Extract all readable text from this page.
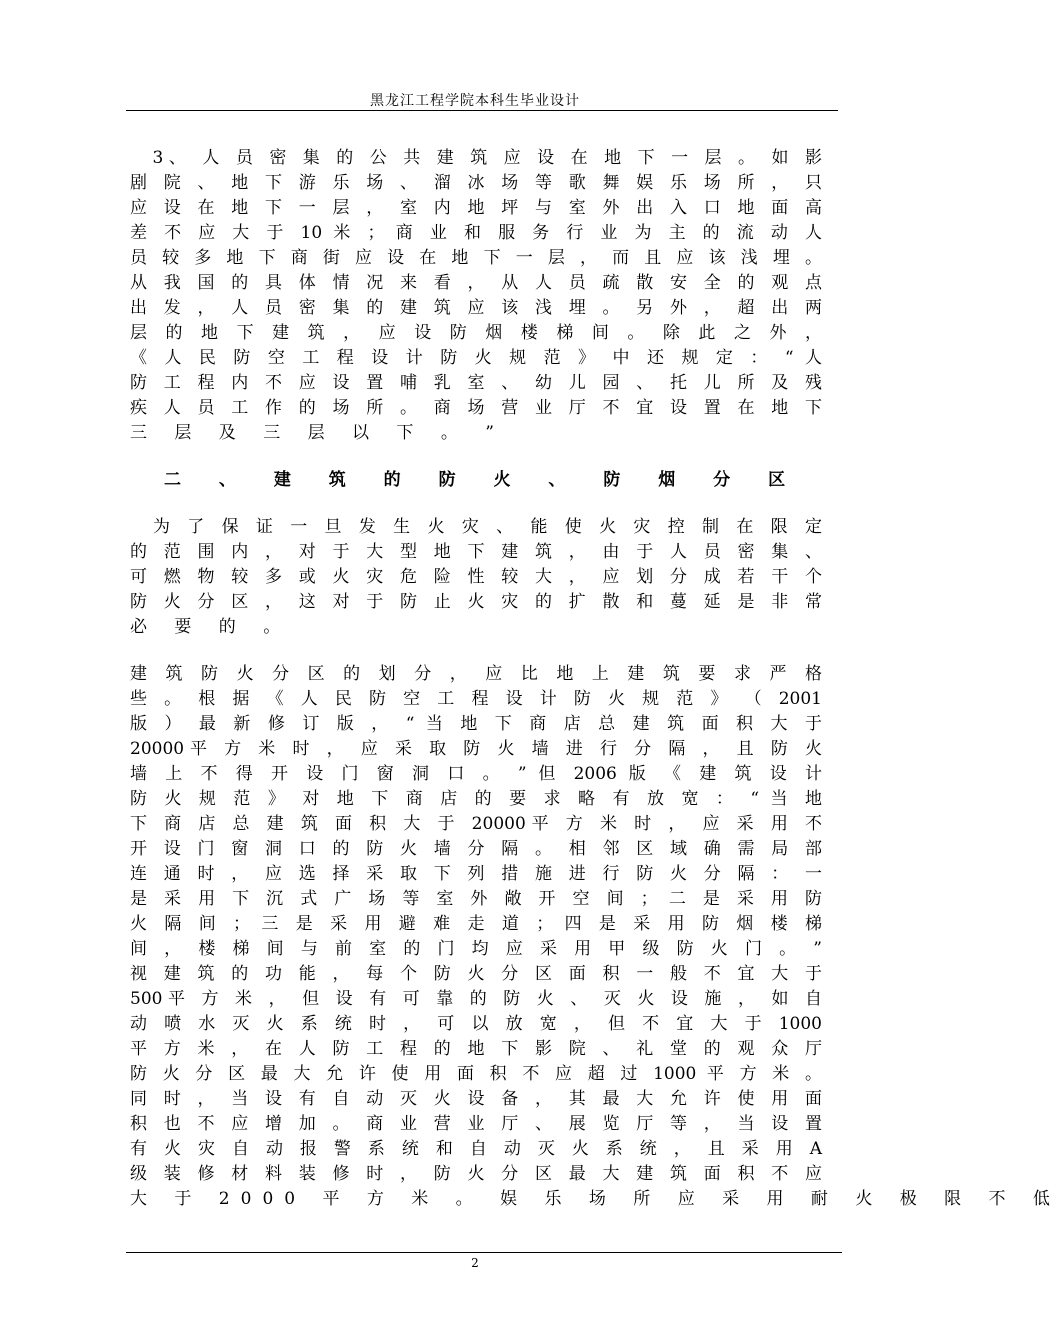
黑龙江工程学院本科生毕业设计
　3、 人 员 密 集 的 公 共 建 筑 应 设 在 地 下 一 层 。 如 影
剧 院 、 地 下 游 乐 场 、 溜 冰 场 等 歌 舞 娱 乐 场 所 ， 只
应 设 在 地 下 一 层 ， 室 内 地 坪 与 室 外 出 入 口 地 面 高
差 不 应 大 于 10 米 ； 商 业 和 服 务 行 业 为 主 的 流 动 人
员 较 多 地 下 商 街 应 设 在 地 下 一 层 ， 而 且 应 该 浅 埋 。
从 我 国 的 具 体 情 况 来 看 ， 从 人 员 疏 散 安 全 的 观 点
出 发 ， 人 员 密 集 的 建 筑 应 该 浅 埋 。 另 外 ， 超 出 两
层 的 地 下 建 筑 ， 应 设 防 烟 楼 梯 间 。 除 此 之 外 ，
《 人 民 防 空 工 程 设 计 防 火 规 范 》 中 还 规 定 ： “ 人
防 工 程 内 不 应 设 置 哺 乳 室 、 幼 儿 园 、 托 儿 所 及 残
疾 人 员 工 作 的 场 所 。 商 场 营 业 厅 不 宜 设 置 在 地 下
三 层 及 三 层 以 下 。 ”
二 、 建 筑 的 防 火 、 防 烟 分 区
　为 了 保 证 一 旦 发 生 火 灾 、 能 使 火 灾 控 制 在 限 定
的 范 围 内 ， 对 于 大 型 地 下 建 筑 ， 由 于 人 员 密 集 、
可 燃 物 较 多 或 火 灾 危 险 性 较 大 ， 应 划 分 成 若 干 个
防 火 分 区 ， 这 对 于 防 止 火 灾 的 扩 散 和 蔓 延 是 非 常
必 要 的 。
建 筑 防 火 分 区 的 划 分 ， 应 比 地 上 建 筑 要 求 严 格
些 。 根 据 《 人 民 防 空 工 程 设 计 防 火 规 范 》 （ 2001
版 ） 最 新 修 订 版 ， “ 当 地 下 商 店 总 建 筑 面 积 大 于
20000平 方 米 时 ， 应 采 取 防 火 墙 进 行 分 隔 ， 且 防 火
墙 上 不 得 开 设 门 窗 洞 口 。 ” 但 2006 版 《 建 筑 设 计
防 火 规 范 》 对 地 下 商 店 的 要 求 略 有 放 宽 ： “ 当 地
下 商 店 总 建 筑 面 积 大 于 20000平 方 米 时 ， 应 采 用 不
开 设 门 窗 洞 口 的 防 火 墙 分 隔 。 相 邻 区 域 确 需 局 部
连 通 时 ， 应 选 择 采 取 下 列 措 施 进 行 防 火 分 隔 ： 一
是 采 用 下 沉 式 广 场 等 室 外 敞 开 空 间 ； 二 是 采 用 防
火 隔 间 ； 三 是 采 用 避 难 走 道 ； 四 是 采 用 防 烟 楼 梯
间 ， 楼 梯 间 与 前 室 的 门 均 应 采 用 甲 级 防 火 门 。 ”
视 建 筑 的 功 能 ， 每 个 防 火 分 区 面 积 一 般 不 宜 大 于
500平 方 米 ， 但 设 有 可 靠 的 防 火 、 灭 火 设 施 ， 如 自
动 喷 水 灭 火 系 统 时 ， 可 以 放 宽 ， 但 不 宜 大 于 1000
平 方 米 ， 在 人 防 工 程 的 地 下 影 院 、 礼 堂 的 观 众 厅
防 火 分 区 最 大 允 许 使 用 面 积 不 应 超 过 1000 平 方 米 。
同 时 ， 当 设 有 自 动 灭 火 设 备 ， 其 最 大 允 许 使 用 面
积 也 不 应 增 加 。 商 业 营 业 厅 、 展 览 厅 等 ， 当 设 置
有 火 灾 自 动 报 警 系 统 和 自 动 灭 火 系 统 ， 且 采 用 A
级 装 修 材 料 装 修 时 ， 防 火 分 区 最 大 建 筑 面 积 不 应
大 于 2000 平 方 米 。 娱 乐 场 所 应 采 用 耐 火 极 限 不 低
2
